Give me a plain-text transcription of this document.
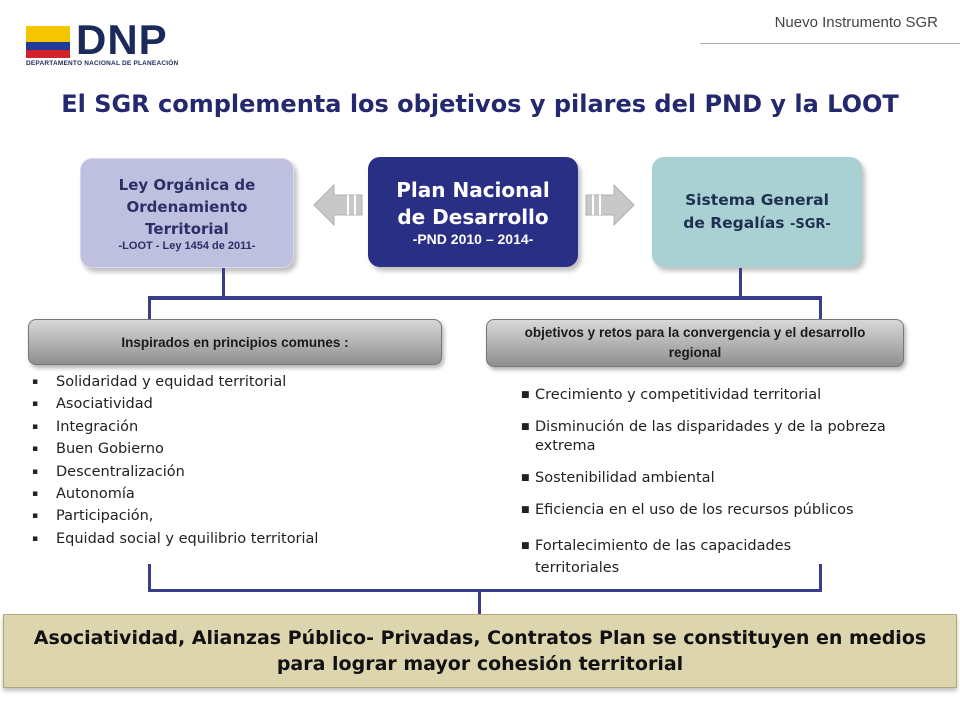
DNP
DEPARTAMENTO NACIONAL DE PLANEACIÓN
Nuevo Instrumento SGR
El SGR complementa los objetivos y pilares del PND y la LOOT
Ley Orgánica de
Ordenamiento
Territorial
-LOOT - Ley 1454 de 2011-
Plan Nacional
de Desarrollo
-PND 2010 – 2014-
Sistema General
de Regalías -SGR-
Inspirados en principios comunes :
objetivos y retos para la convergencia y el desarrollo regional
▪ Solidaridad y equidad territorial
▪ Asociatividad
▪ Integración
▪ Buen Gobierno
▪ Descentralización
▪ Autonomía
▪ Participación,
▪ Equidad social y equilibrio territorial
■ Crecimiento y competitividad territorial
■ Disminución de las disparidades y de la pobreza extrema
■ Sostenibilidad ambiental
■ Eficiencia en el uso de los recursos públicos
■ Fortalecimiento de las capacidades territoriales
Asociatividad, Alianzas Público- Privadas, Contratos Plan se constituyen en medios para lograr mayor cohesión territorial
